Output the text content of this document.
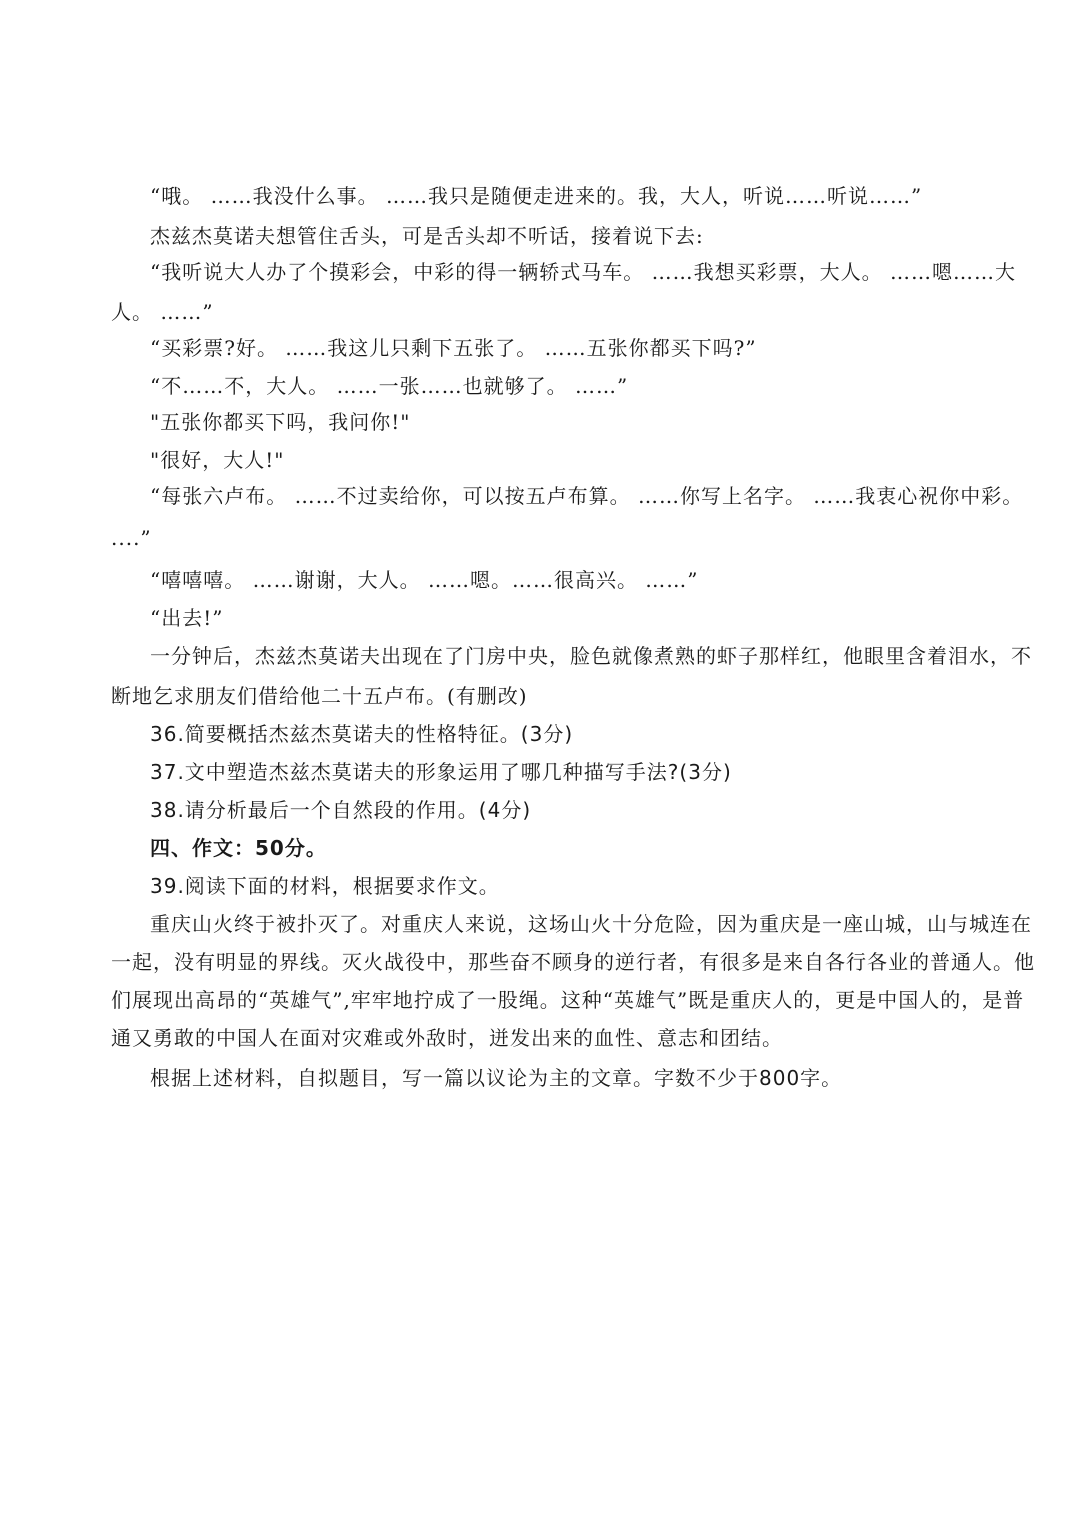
“哦。 ……我没什么事。 ……我只是随便走进来的。我，大人，听说……听说……”
杰兹杰莫诺夫想管住舌头，可是舌头却不听话，接着说下去:
“我听说大人办了个摸彩会，中彩的得一辆轿式马车。 ……我想买彩票，大人。 ……嗯……大
人。 ……”
“买彩票?好。 ……我这儿只剩下五张了。 ……五张你都买下吗?”
“不……不，大人。 ……一张……也就够了。 ……”
"五张你都买下吗，我问你!"
"很好，大人!"
“每张六卢布。 ……不过卖给你，可以按五卢布算。 ……你写上名字。 ……我衷心祝你中彩。
....”
“嘻嘻嘻。 ……谢谢，大人。 ……嗯。……很高兴。 ……”
“出去!”
一分钟后，杰兹杰莫诺夫出现在了门房中央，脸色就像煮熟的虾子那样红，他眼里含着泪水，不
断地乞求朋友们借给他二十五卢布。(有删改)
36.简要概括杰兹杰莫诺夫的性格特征。(3分)
37.文中塑造杰兹杰莫诺夫的形象运用了哪几种描写手法?(3分)
38.请分析最后一个自然段的作用。(4分)
四、作文：50分。
39.阅读下面的材料，根据要求作文。
重庆山火终于被扑灭了。对重庆人来说，这场山火十分危险，因为重庆是一座山城，山与城连在
一起，没有明显的界线。灭火战役中，那些奋不顾身的逆行者，有很多是来自各行各业的普通人。他
们展现出高昂的“英雄气”,牢牢地拧成了一股绳。这种“英雄气”既是重庆人的，更是中国人的，是普
通又勇敢的中国人在面对灾难或外敌时，迸发出来的血性、意志和团结。
根据上述材料，自拟题目，写一篇以议论为主的文章。字数不少于800字。
